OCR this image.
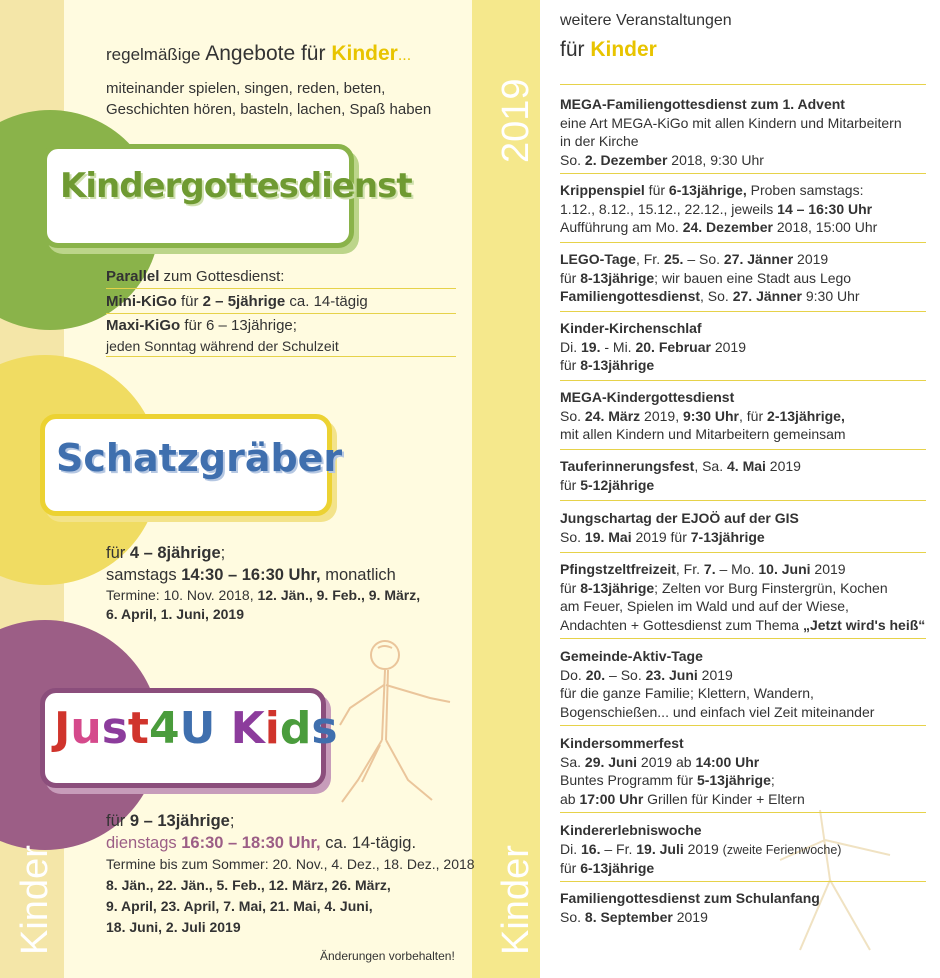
Kinder
2019
Kinder
regelmäßige Angebote für Kinder...
miteinander spielen, singen, reden, beten,
Geschichten hören, basteln, lachen, Spaß haben
Kindergottesdienst
Parallel zum Gottesdienst:
Mini-KiGo für 2 – 5jährige ca. 14-tägig
Maxi-KiGo für 6 – 13jährige;
jeden Sonntag während der Schulzeit
Schatzgräber
für 4 – 8jährige;
samstags 14:30 – 16:30 Uhr, monatlich
Termine: 10. Nov. 2018, 12. Jän., 9. Feb., 9. März,
6. April, 1. Juni, 2019
Just4U Kids
für 9 – 13jährige;
dienstags 16:30 – 18:30 Uhr, ca. 14-tägig.
Termine bis zum Sommer: 20. Nov., 4. Dez., 18. Dez., 2018
8. Jän., 22. Jän., 5. Feb., 12. März, 26. März,
9. April, 23. April, 7. Mai, 21. Mai, 4. Juni,
18. Juni, 2. Juli 2019
Änderungen vorbehalten!
weitere Veranstaltungen
für Kinder
MEGA-Familiengottesdienst zum 1. Advent
eine Art MEGA-KiGo mit allen Kindern und Mitarbeitern
in der Kirche
So. 2. Dezember 2018, 9:30 Uhr
Krippenspiel für 6-13jährige, Proben samstags:
1.12., 8.12., 15.12., 22.12., jeweils 14 – 16:30 Uhr
Aufführung am Mo. 24. Dezember 2018, 15:00 Uhr
LEGO-Tage, Fr. 25. – So. 27. Jänner 2019
für 8-13jährige; wir bauen eine Stadt aus Lego
Familiengottesdienst, So. 27. Jänner 9:30 Uhr
Kinder-Kirchenschlaf
Di. 19. - Mi. 20. Februar 2019
für 8-13jährige
MEGA-Kindergottesdienst
So. 24. März 2019, 9:30 Uhr, für 2-13jährige,
mit allen Kindern und Mitarbeitern gemeinsam
Tauferinnerungsfest, Sa. 4. Mai 2019
für 5-12jährige
Jungschartag der EJOÖ auf der GIS
So. 19. Mai 2019 für 7-13jährige
Pfingstzeltfreizeit, Fr. 7. – Mo. 10. Juni 2019
für 8-13jährige; Zelten vor Burg Finstergrün, Kochen
am Feuer, Spielen im Wald und auf der Wiese,
Andachten + Gottesdienst zum Thema „Jetzt wird's heiß“
Gemeinde-Aktiv-Tage
Do. 20. – So. 23. Juni 2019
für die ganze Familie; Klettern, Wandern,
Bogenschießen... und einfach viel Zeit miteinander
Kindersommerfest
Sa. 29. Juni 2019 ab 14:00 Uhr
Buntes Programm für 5-13jährige;
ab 17:00 Uhr Grillen für Kinder + Eltern
Kindererlebniswoche
Di. 16. – Fr. 19. Juli 2019 (zweite Ferienwoche)
für 6-13jährige
Familiengottesdienst zum Schulanfang
So. 8. September 2019
